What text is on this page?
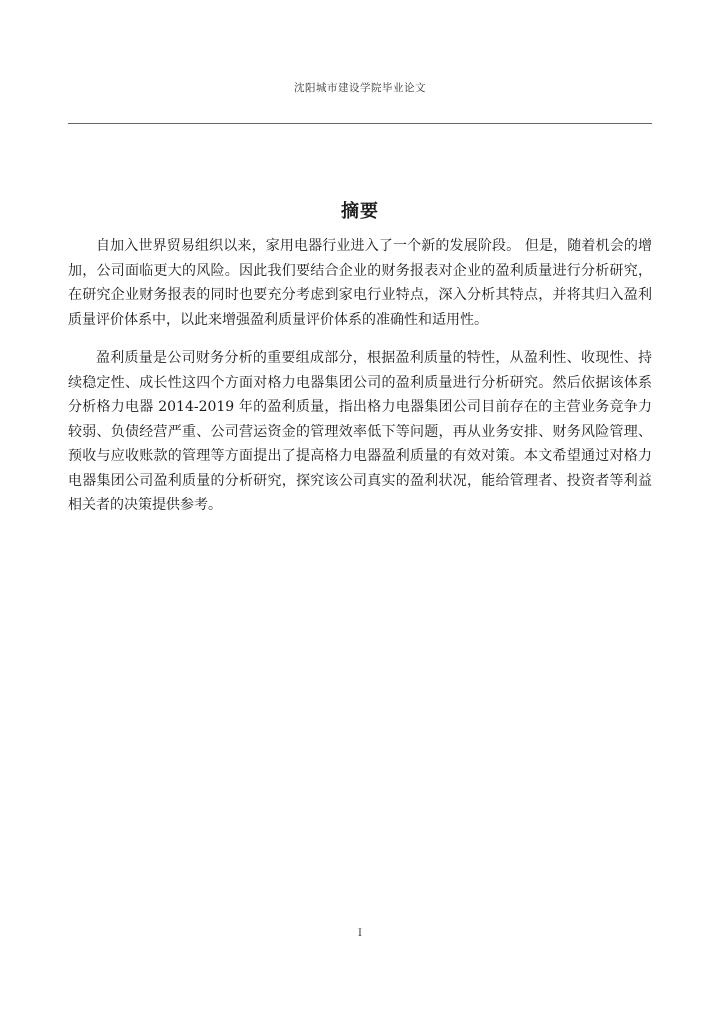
沈阳城市建设学院毕业论文
摘要

自加入世界贸易组织以来，家用电器行业进入了一个新的发展阶段。 但是，随着机会的增加，公司面临更大的风险。因此我们要结合企业的财务报表对企业的盈利质量进行分析研究，在研究企业财务报表的同时也要充分考虑到家电行业特点，深入分析其特点，并将其归入盈利质量评价体系中，以此来增强盈利质量评价体系的准确性和适用性。

盈利质量是公司财务分析的重要组成部分，根据盈利质量的特性，从盈利性、收现性、持续稳定性、成长性这四个方面对格力电器集团公司的盈利质量进行分析研究。然后依据该体系分析格力电器 2014-2019 年的盈利质量，指出格力电器集团公司目前存在的主营业务竞争力较弱、负债经营严重、公司营运资金的管理效率低下等问题，再从业务安排、财务风险管理、预收与应收账款的管理等方面提出了提高格力电器盈利质量的有效对策。本文希望通过对格力电器集团公司盈利质量的分析研究，探究该公司真实的盈利状况，能给管理者、投资者等利益相关者的决策提供参考。

I
